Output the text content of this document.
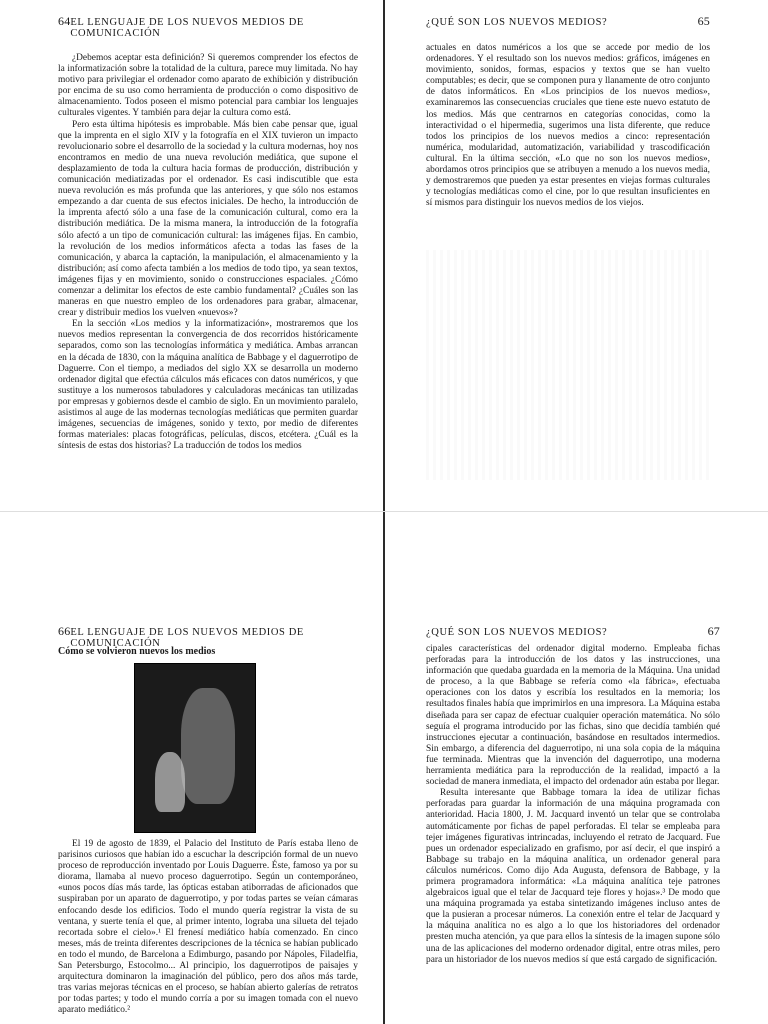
64 EL LENGUAJE DE LOS NUEVOS MEDIOS DE COMUNICACIÓN

¿Debemos aceptar esta definición? Si queremos comprender los efectos de la informatización sobre la totalidad de la cultura, parece muy limitada. No hay motivo para privilegiar el ordenador como aparato de exhibición y distribución por encima de su uso como herramienta de producción o como dispositivo de almacenamiento. Todos poseen el mismo potencial para cambiar los lenguajes culturales vigentes. Y también para dejar la cultura como está.

Pero esta última hipótesis es improbable. Más bien cabe pensar que, igual que la imprenta en el siglo XIV y la fotografía en el XIX tuvieron un impacto revolucionario sobre el desarrollo de la sociedad y la cultura modernas, hoy nos encontramos en medio de una nueva revolución mediática, que supone el desplazamiento de toda la cultura hacia formas de producción, distribución y comunicación mediatizadas por el ordenador. Es casi indiscutible que esta nueva revolución es más profunda que las anteriores, y que sólo nos estamos empezando a dar cuenta de sus efectos iniciales. De hecho, la introducción de la imprenta afectó sólo a una fase de la comunicación cultural, como era la distribución mediática. De la misma manera, la introducción de la fotografía sólo afectó a un tipo de comunicación cultural: las imágenes fijas. En cambio, la revolución de los medios informáticos afecta a todas las fases de la comunicación, y abarca la captación, la manipulación, el almacenamiento y la distribución; así como afecta también a los medios de todo tipo, ya sean textos, imágenes fijas y en movimiento, sonido o construcciones espaciales. ¿Cómo comenzar a delimitar los efectos de este cambio fundamental? ¿Cuáles son las maneras en que nuestro empleo de los ordenadores para grabar, almacenar, crear y distribuir medios los vuelven «nuevos»?

En la sección «Los medios y la informatización», mostraremos que los nuevos medios representan la convergencia de dos recorridos históricamente separados, como son las tecnologías informática y mediática. Ambas arrancan en la década de 1830, con la máquina analítica de Babbage y el daguerrotipo de Daguerre. Con el tiempo, a mediados del siglo XX se desarrolla un moderno ordenador digital que efectúa cálculos más eficaces con datos numéricos, y que sustituye a los numerosos tabuladores y calculadoras mecánicas tan utilizadas por empresas y gobiernos desde el cambio de siglo. En un movimiento paralelo, asistimos al auge de las modernas tecnologías mediáticas que permiten guardar imágenes, secuencias de imágenes, sonido y texto, por medio de diferentes formas materiales: placas fotográficas, películas, discos, etcétera. ¿Cuál es la síntesis de estas dos historias? La traducción de todos los medios

¿QUÉ SON LOS NUEVOS MEDIOS?	65

actuales en datos numéricos a los que se accede por medio de los ordenadores. Y el resultado son los nuevos medios: gráficos, imágenes en movimiento, sonidos, formas, espacios y textos que se han vuelto computables; es decir, que se componen pura y llanamente de otro conjunto de datos informáticos. En «Los principios de los nuevos medios», examinaremos las consecuencias cruciales que tiene este nuevo estatuto de los medios. Más que centrarnos en categorías conocidas, como la interactividad o el hipermedia, sugerimos una lista diferente, que reduce todos los principios de los nuevos medios a cinco: representación numérica, modularidad, automatización, variabilidad y trascodificación cultural. En la última sección, «Lo que no son los nuevos medios», abordamos otros principios que se atribuyen a menudo a los nuevos media, y demostraremos que pueden ya estar presentes en viejas formas culturales y tecnologías mediáticas como el cine, por lo que resultan insuficientes en sí mismos para distinguir los nuevos medios de los viejos.

66 EL LENGUAJE DE LOS NUEVOS MEDIOS DE COMUNICACIÓN
Cómo se volvieron nuevos los medios

El 19 de agosto de 1839, el Palacio del Instituto de París estaba lleno de parisinos curiosos que habían ido a escuchar la descripción formal de un nuevo proceso de reproducción inventado por Louis Daguerre. Éste, famoso ya por su diorama, llamaba al nuevo proceso daguerrotipo. Según un contemporáneo, «unos pocos días más tarde, las ópticas estaban atiborradas de aficionados que suspiraban por un aparato de daguerrotipo, y por todas partes se veían cámaras enfocando desde los edificios. Todo el mundo quería registrar la vista de su ventana, y suerte tenía el que, al primer intento, lograba una silueta del tejado recortada sobre el cielo».¹ El frenesí mediático había comenzado. En cinco meses, más de treinta diferentes descripciones de la técnica se habían publicado en todo el mundo, de Barcelona a Edimburgo, pasando por Nápoles, Filadelfia, San Petersburgo, Estocolmo... Al principio, los daguerrotipos de paisajes y arquitectura dominaron la imaginación del público, pero dos años más tarde, tras varias mejoras técnicas en el proceso, se habían abierto galerías de retratos por todas partes; y todo el mundo corría a por su imagen tomada con el nuevo aparato mediático.²

¿QUÉ SON LOS NUEVOS MEDIOS?	67

cipales características del ordenador digital moderno. Empleaba fichas perforadas para la introducción de los datos y las instrucciones, una información que quedaba guardada en la memoria de la Máquina. Una unidad de proceso, a la que Babbage se refería como «la fábrica», efectuaba operaciones con los datos y escribía los resultados en la memoria; los resultados finales había que imprimirlos en una impresora. La Máquina estaba diseñada para ser capaz de efectuar cualquier operación matemática. No sólo seguía el programa introducido por las fichas, sino que decidía también qué instrucciones ejecutar a continuación, basándose en resultados intermedios. Sin embargo, a diferencia del daguerrotipo, ni una sola copia de la máquina fue terminada. Mientras que la invención del daguerrotipo, una moderna herramienta mediática para la reproducción de la realidad, impactó a la sociedad de manera inmediata, el impacto del ordenador aún estaba por llegar.

Resulta interesante que Babbage tomara la idea de utilizar fichas perforadas para guardar la información de una máquina programada con anterioridad. Hacia 1800, J. M. Jacquard inventó un telar que se controlaba automáticamente por fichas de papel perforadas. El telar se empleaba para tejer imágenes figurativas intrincadas, incluyendo el retrato de Jacquard. Fue pues un ordenador especializado en grafismo, por así decir, el que inspiró a Babbage su trabajo en la máquina analítica, un ordenador general para cálculos numéricos. Como dijo Ada Augusta, defensora de Babbage, y la primera programadora informática: «La máquina analítica teje patrones algebraicos igual que el telar de Jacquard teje flores y hojas».³ De modo que una máquina programada ya estaba sintetizando imágenes incluso antes de que la pusieran a procesar números. La conexión entre el telar de Jacquard y la máquina analítica no es algo a lo que los historiadores del ordenador presten mucha atención, ya que para ellos la síntesis de la imagen supone sólo una de las aplicaciones del moderno ordenador digital, entre otras miles, pero para un historiador de los nuevos medios sí que está cargado de significación.
